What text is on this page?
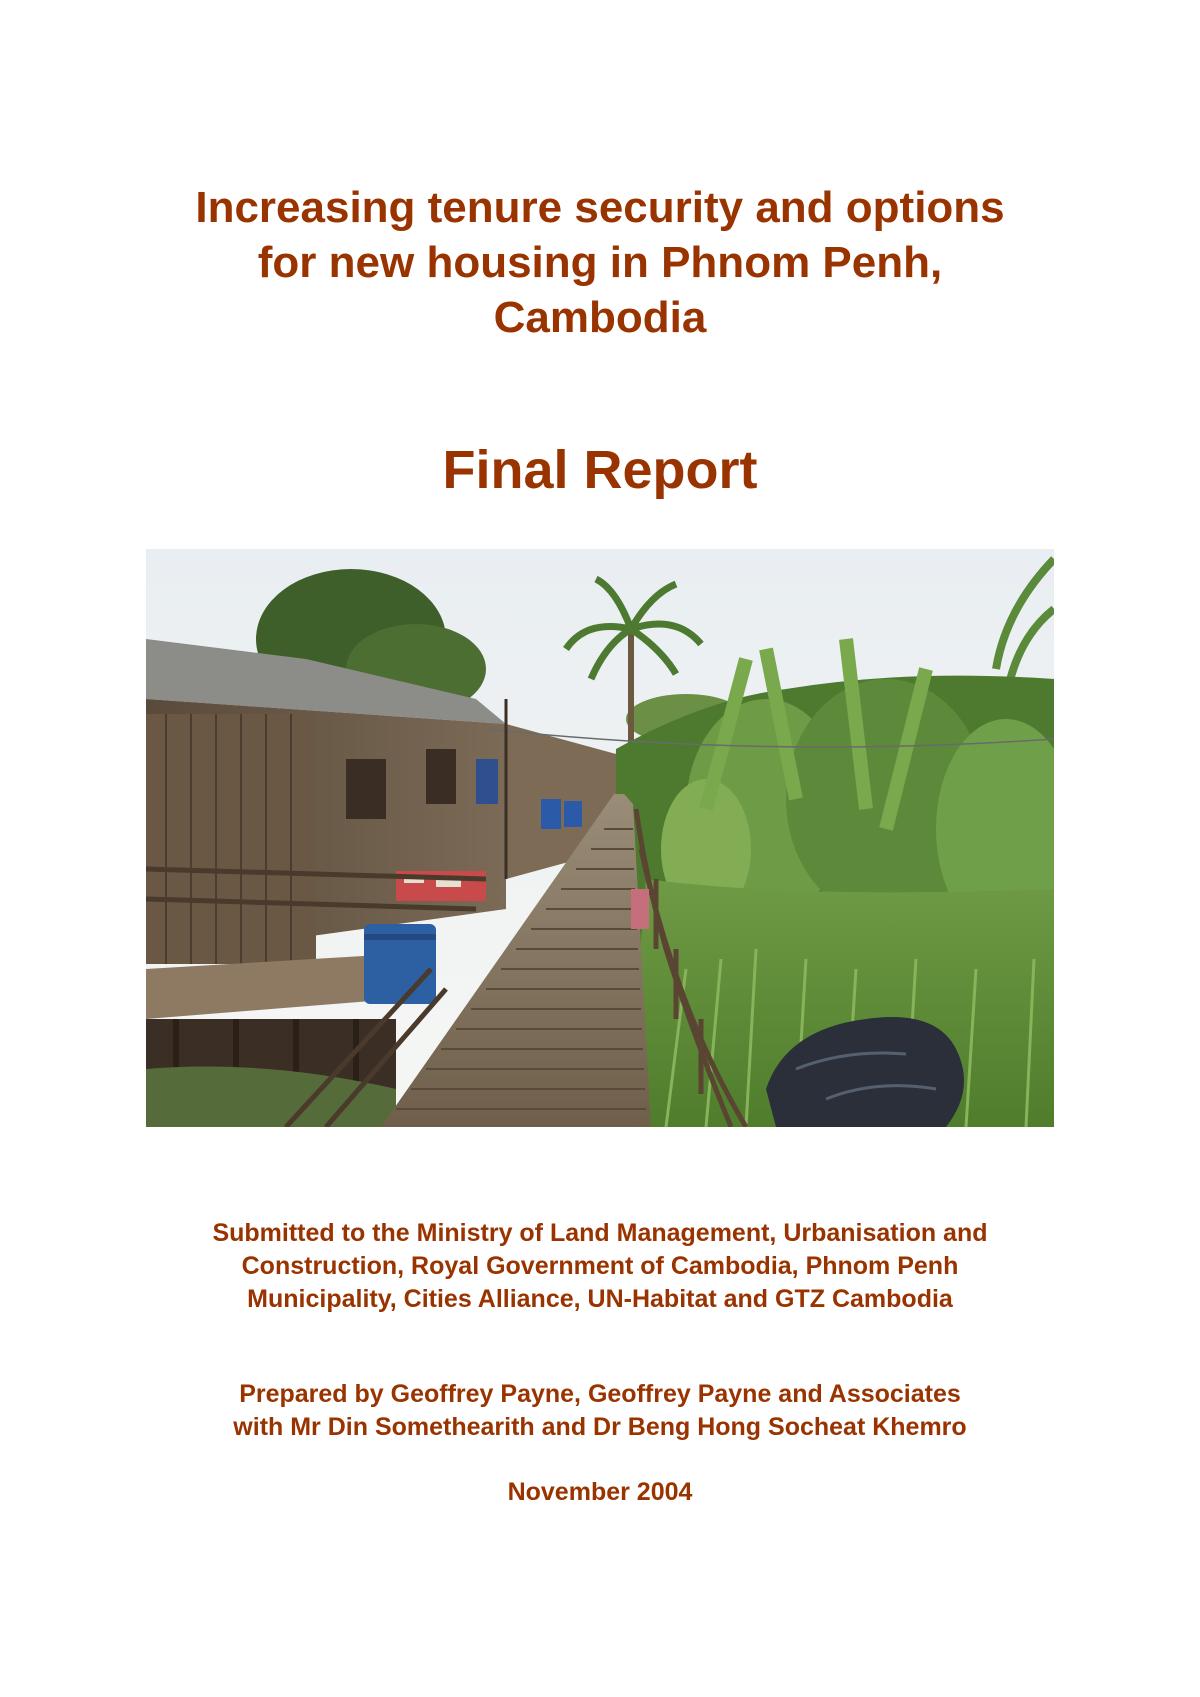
Increasing tenure security and options
for new housing in Phnom Penh,
Cambodia
Final Report

Submitted to the Ministry of Land Management, Urbanisation and
Construction, Royal Government of Cambodia, Phnom Penh
Municipality, Cities Alliance, UN-Habitat and GTZ Cambodia

Prepared by Geoffrey Payne, Geoffrey Payne and Associates
with Mr Din Somethearith and Dr Beng Hong Socheat Khemro

November 2004
